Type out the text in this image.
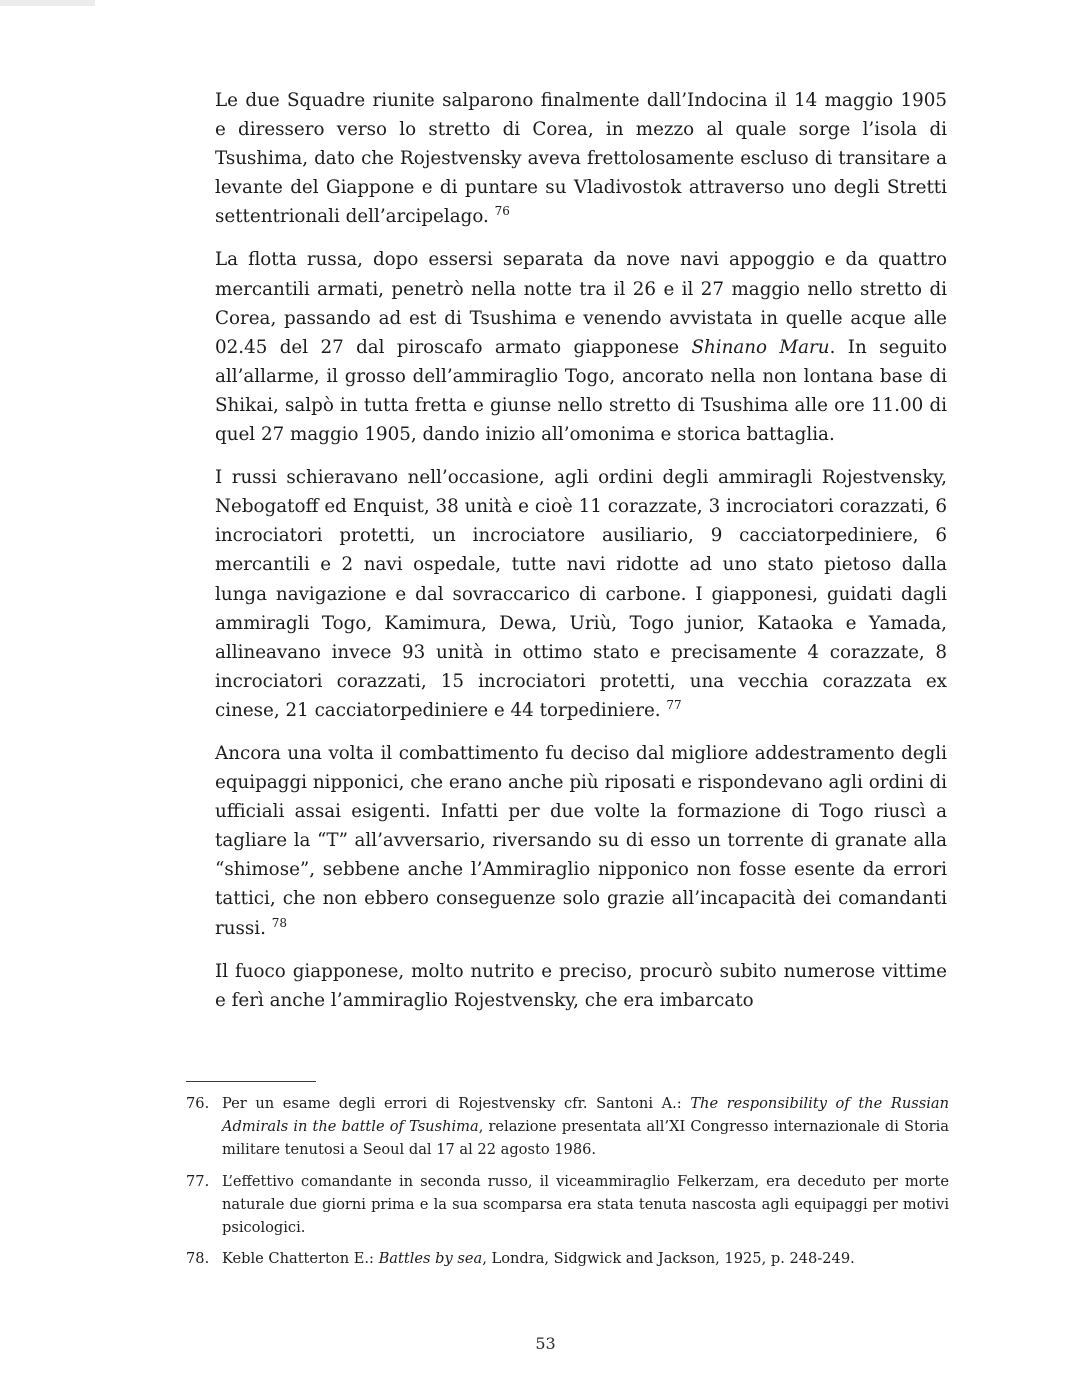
Le due Squadre riunite salparono finalmente dall’Indocina il 14 maggio 1905 e diressero verso lo stretto di Corea, in mezzo al quale sorge l’isola di Tsushima, dato che Rojestvensky aveva frettolosamente escluso di transitare a levante del Giappone e di puntare su Vladivostok attraverso uno degli Stretti settentrionali dell’arcipelago. $^{76}$

La flotta russa, dopo essersi separata da nove navi appoggio e da quattro mercantili armati, penetrò nella notte tra il 26 e il 27 maggio nello stretto di Corea, passando ad est di Tsushima e venendo avvistata in quelle acque alle 02.45 del 27 dal piroscafo armato giapponese Shinano Maru. In seguito all’allarme, il grosso dell’ammiraglio Togo, ancorato nella non lontana base di Shikai, salpò in tutta fretta e giunse nello stretto di Tsushima alle ore 11.00 di quel 27 maggio 1905, dando inizio all’omonima e storica battaglia.

I russi schieravano nell’occasione, agli ordini degli ammiragli Rojestvensky, Nebogatoff ed Enquist, 38 unità e cioè 11 corazzate, 3 incrociatori corazzati, 6 incrociatori protetti, un incrociatore ausiliario, 9 cacciatorpediniere, 6 mercantili e 2 navi ospedale, tutte navi ridotte ad uno stato pietoso dalla lunga navigazione e dal sovraccarico di carbone. I giapponesi, guidati dagli ammiragli Togo, Kamimura, Dewa, Uriù, Togo junior, Kataoka e Yamada, allineavano invece 93 unità in ottimo stato e precisamente 4 corazzate, 8 incrociatori corazzati, 15 incrociatori protetti, una vecchia corazzata ex cinese, 21 cacciatorpediniere e 44 torpediniere. $^{77}$

Ancora una volta il combattimento fu deciso dal migliore addestramento degli equipaggi nipponici, che erano anche più riposati e rispondevano agli ordini di ufficiali assai esigenti. Infatti per due volte la formazione di Togo riuscì a tagliare la “T” all’avversario, riversando su di esso un torrente di granate alla “shimose”, sebbene anche l’Ammiraglio nipponico non fosse esente da errori tattici, che non ebbero conseguenze solo grazie all’incapacità dei comandanti russi. $^{78}$

Il fuoco giapponese, molto nutrito e preciso, procurò subito numerose vittime e ferì anche l’ammiraglio Rojestvensky, che era imbarcato

76. Per un esame degli errori di Rojestvensky cfr. Santoni A.: The responsibility of the Russian Admirals in the battle of Tsushima, relazione presentata all’XI Congresso internazionale di Storia militare tenutosi a Seoul dal 17 al 22 agosto 1986.
77. L’effettivo comandante in seconda russo, il viceammiraglio Felkerzam, era deceduto per morte naturale due giorni prima e la sua scomparsa era stata tenuta nascosta agli equipaggi per motivi psicologici.
78. Keble Chatterton E.: Battles by sea, Londra, Sidgwick and Jackson, 1925, p. 248-249.
53
